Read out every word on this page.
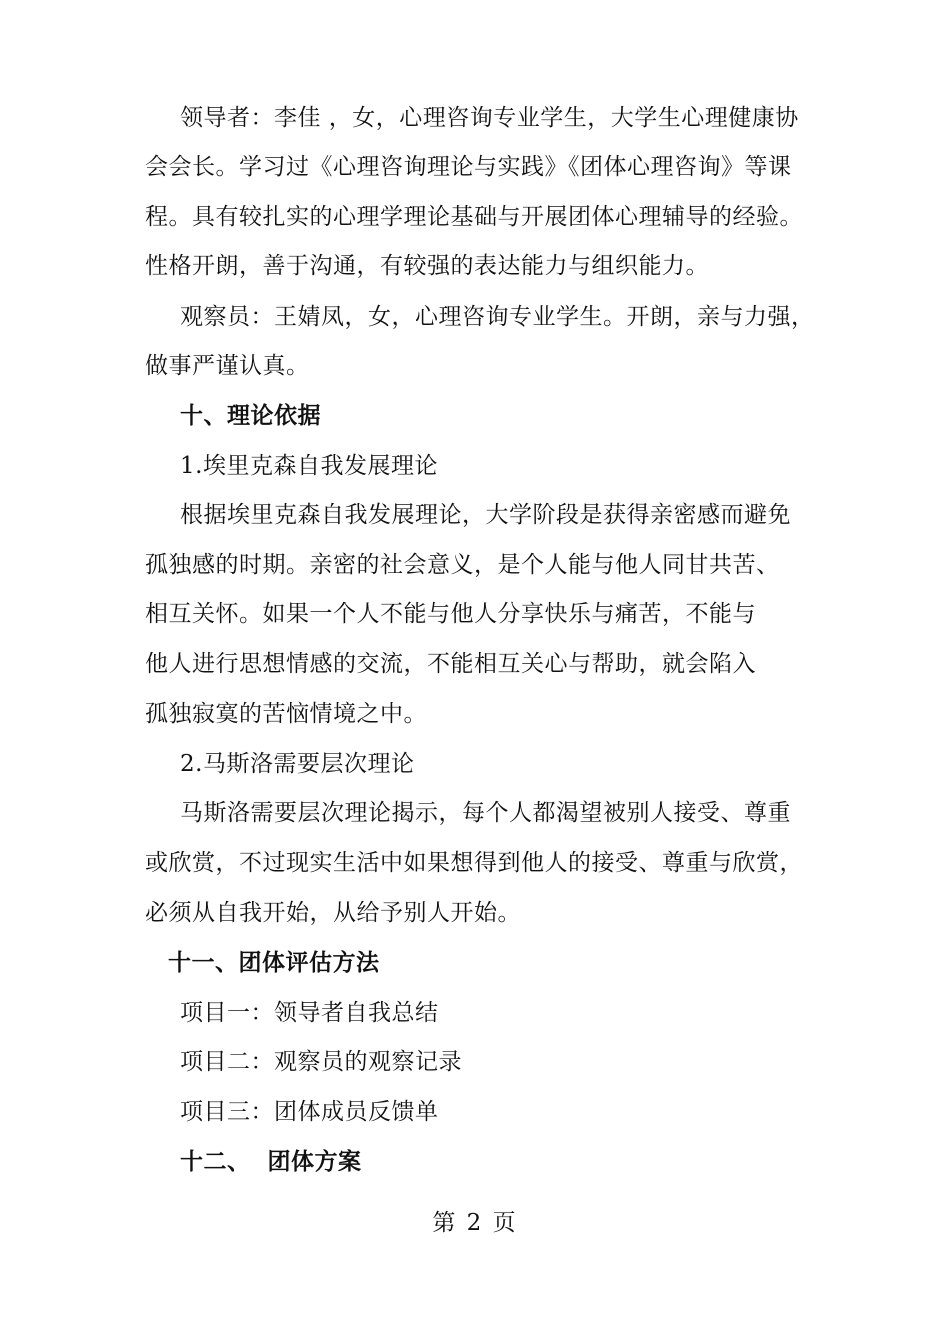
领导者：李佳 ，女，心理咨询专业学生，大学生心理健康协
会会长。学习过《心理咨询理论与实践》《团体心理咨询》等课
程。具有较扎实的心理学理论基础与开展团体心理辅导的经验。
性格开朗，善于沟通，有较强的表达能力与组织能力。
观察员：王婧凤，女，心理咨询专业学生。开朗，亲与力强，
做事严谨认真。
十、理论依据
1.埃里克森自我发展理论
根据埃里克森自我发展理论，大学阶段是获得亲密感而避免
孤独感的时期。亲密的社会意义，是个人能与他人同甘共苦、
相互关怀。如果一个人不能与他人分享快乐与痛苦，不能与
他人进行思想情感的交流，不能相互关心与帮助，就会陷入
孤独寂寞的苦恼情境之中。
2.马斯洛需要层次理论
马斯洛需要层次理论揭示，每个人都渴望被别人接受、尊重
或欣赏，不过现实生活中如果想得到他人的接受、尊重与欣赏，
必须从自我开始，从给予别人开始。
十一、团体评估方法
项目一：领导者自我总结
项目二：观察员的观察记录
项目三：团体成员反馈单
十二、  团体方案
第 2 页
